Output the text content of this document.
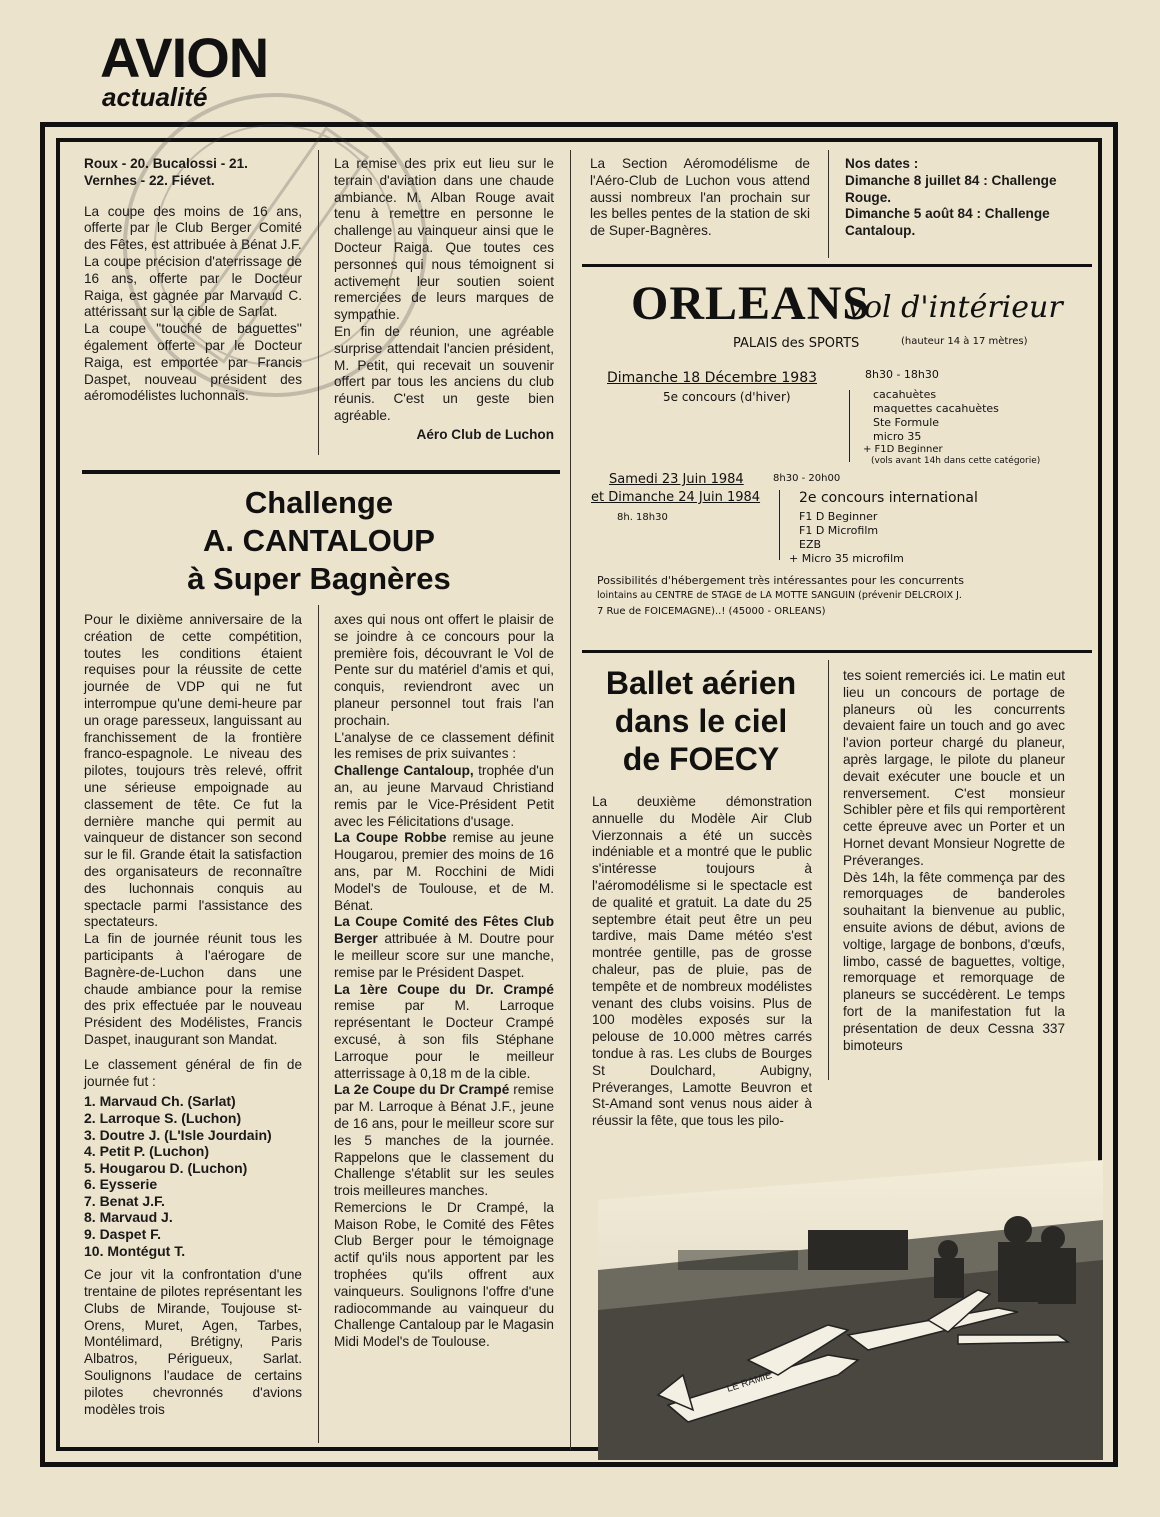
AVION
actualité

Roux - 20. Bucalossi - 21.

Vernhes - 22. Fiévet.

La coupe des moins de 16 ans, offerte par le Club Berger Comité des Fêtes, est attribuée à Bénat J.F.

La coupe précision d'aterrissage de 16 ans, offerte par le Docteur Raiga, est gagnée par Marvaud C. attérissant sur la cible de Sarlat.

La coupe ''touché de baguettes'' également offerte par le Docteur Raiga, est emportée par Francis Daspet, nouveau président des aéromodélistes luchonnais.

La remise des prix eut lieu sur le terrain d'aviation dans une chaude ambiance. M. Alban Rouge avait tenu à remettre en personne le challenge au vainqueur ainsi que le Docteur Raiga. Que toutes ces personnes qui nous témoignent si activement leur soutien soient remerciées de leurs marques de sympathie.

En fin de réunion, une agréable surprise attendait l'ancien président, M. Petit, qui recevait un souvenir offert par tous les anciens du club réunis. C'est un geste bien agréable.

Aéro Club de Luchon

La Section Aéromodélisme de l'Aéro-Club de Luchon vous attend aussi nombreux l'an prochain sur les belles pentes de la station de ski de Super-Bagnères.

Nos dates :

Dimanche 8 juillet 84 : Challenge Rouge.

Dimanche 5 août 84 : Challenge Cantaloup.

Challenge
A. CANTALOUP
à Super Bagnères

Pour le dixième anniversaire de la création de cette compétition, toutes les conditions étaient requises pour la réussite de cette journée de VDP qui ne fut interrompue qu'une demi-heure par un orage paresseux, languissant au franchissement de la frontière franco-espagnole. Le niveau des pilotes, toujours très relevé, offrit une sérieuse empoignade au classement de tête. Ce fut la dernière manche qui permit au vainqueur de distancer son second sur le fil. Grande était la satisfaction des organisateurs de reconnaître des luchonnais conquis au spectacle parmi l'assistance des spectateurs.

La fin de journée réunit tous les participants à l'aérogare de Bagnère-de-Luchon dans une chaude ambiance pour la remise des prix effectuée par le nouveau Président des Modélistes, Francis Daspet, inaugurant son Mandat.

Le classement général de fin de journée fut :

1. Marvaud Ch. (Sarlat)
2. Larroque S. (Luchon)
3. Doutre J. (L'Isle Jourdain)
4. Petit P. (Luchon)
5. Hougarou D. (Luchon)
6. Eysserie
7. Benat J.F.
8. Marvaud J.
9. Daspet F.
10. Montégut T.

Ce jour vit la confrontation d'une trentaine de pilotes représentant les Clubs de Mirande, Toujouse st-Orens, Muret, Agen, Tarbes, Montélimard, Brétigny, Paris Albatros, Périgueux, Sarlat. Soulignons l'audace de certains pilotes chevronnés d'avions modèles trois

axes qui nous ont offert le plaisir de se joindre à ce concours pour la première fois, découvrant le Vol de Pente sur du matériel d'amis et qui, conquis, reviendront avec un planeur personnel tout frais l'an prochain.

L'analyse de ce classement définit les remises de prix suivantes :

Challenge Cantaloup, trophée d'un an, au jeune Marvaud Christiand remis par le Vice-Président Petit avec les Félicitations d'usage.

La Coupe Robbe remise au jeune Hougarou, premier des moins de 16 ans, par M. Rocchini de Midi Model's de Toulouse, et de M. Bénat.

La Coupe Comité des Fêtes Club Berger attribuée à M. Doutre pour le meilleur score sur une manche, remise par le Président Daspet.

La 1ère Coupe du Dr. Crampé remise par M. Larroque représentant le Docteur Crampé excusé, à son fils Stéphane Larroque pour le meilleur atterrissage à 0,18 m de la cible.

La 2e Coupe du Dr Crampé remise par M. Larroque à Bénat J.F., jeune de 16 ans, pour le meilleur score sur les 5 manches de la journée. Rappelons que le classement du Challenge s'établit sur les seules trois meilleures manches.

Remercions le Dr Crampé, la Maison Robe, le Comité des Fêtes Club Berger pour le témoignage actif qu'ils nous apportent par les trophées qu'ils offrent aux vainqueurs. Soulignons l'offre d'une radiocommande au vainqueur du Challenge Cantaloup par le Magasin Midi Model's de Toulouse.

ORLEANS
vol d'intérieur
PALAIS des SPORTS	(hauteur 14 à 17 mètres)
Dimanche 18 Décembre 1983	8h30 - 18h30
5e concours (d'hiver)	cacahuètes
maquettes cacahuètes
Ste Formule
micro 35
+ F1D Beginner
(vols avant 14h dans cette catégorie)
Samedi 23 Juin 1984	8h30 - 20h00
et Dimanche 24 Juin 1984
8h. 18h30
2e concours international
F1 D Beginner
F1 D Microfilm
EZB
+ Micro 35 microfilm
Possibilités d'hébergement très intéressantes pour les concurrents
lointains au CENTRE de STAGE de LA MOTTE SANGUIN (prévenir DELCROIX J.
7 Rue de FOICEMAGNE)..! (45000 - ORLEANS)
Ballet aérien
dans le ciel
de FOECY

La deuxième démonstration annuelle du Modèle Air Club Vierzonnais a été un succès indéniable et a montré que le public s'intéresse toujours à l'aéromodélisme si le spectacle est de qualité et gratuit. La date du 25 septembre était peut être un peu tardive, mais Dame météo s'est montrée gentille, pas de grosse chaleur, pas de pluie, pas de tempête et de nombreux modélistes venant des clubs voisins. Plus de 100 modèles exposés sur la pelouse de 10.000 mètres carrés tondue à ras. Les clubs de Bourges St Doulchard, Aubigny, Préveranges, Lamotte Beuvron et St-Amand sont venus nous aider à réussir la fête, que tous les pilo-

tes soient remerciés ici. Le matin eut lieu un concours de portage de planeurs où les concurrents devaient faire un touch and go avec l'avion porteur chargé du planeur, après largage, le pilote du planeur devait exécuter une boucle et un renversement. C'est monsieur Schibler père et fils qui remportèrent cette épreuve avec un Porter et un Hornet devant Monsieur Nogrette de Préveranges.

Dès 14h, la fête commença par des remorquages de banderoles souhaitant la bienvenue au public, ensuite avions de début, avions de voltige, largage de bonbons, d'œufs, limbo, cassé de baguettes, voltige, remorquage et remorquage de planeurs se succédèrent. Le temps fort de la manifestation fut la présentation de deux Cessna 337 bimoteurs

LE RAMIE
